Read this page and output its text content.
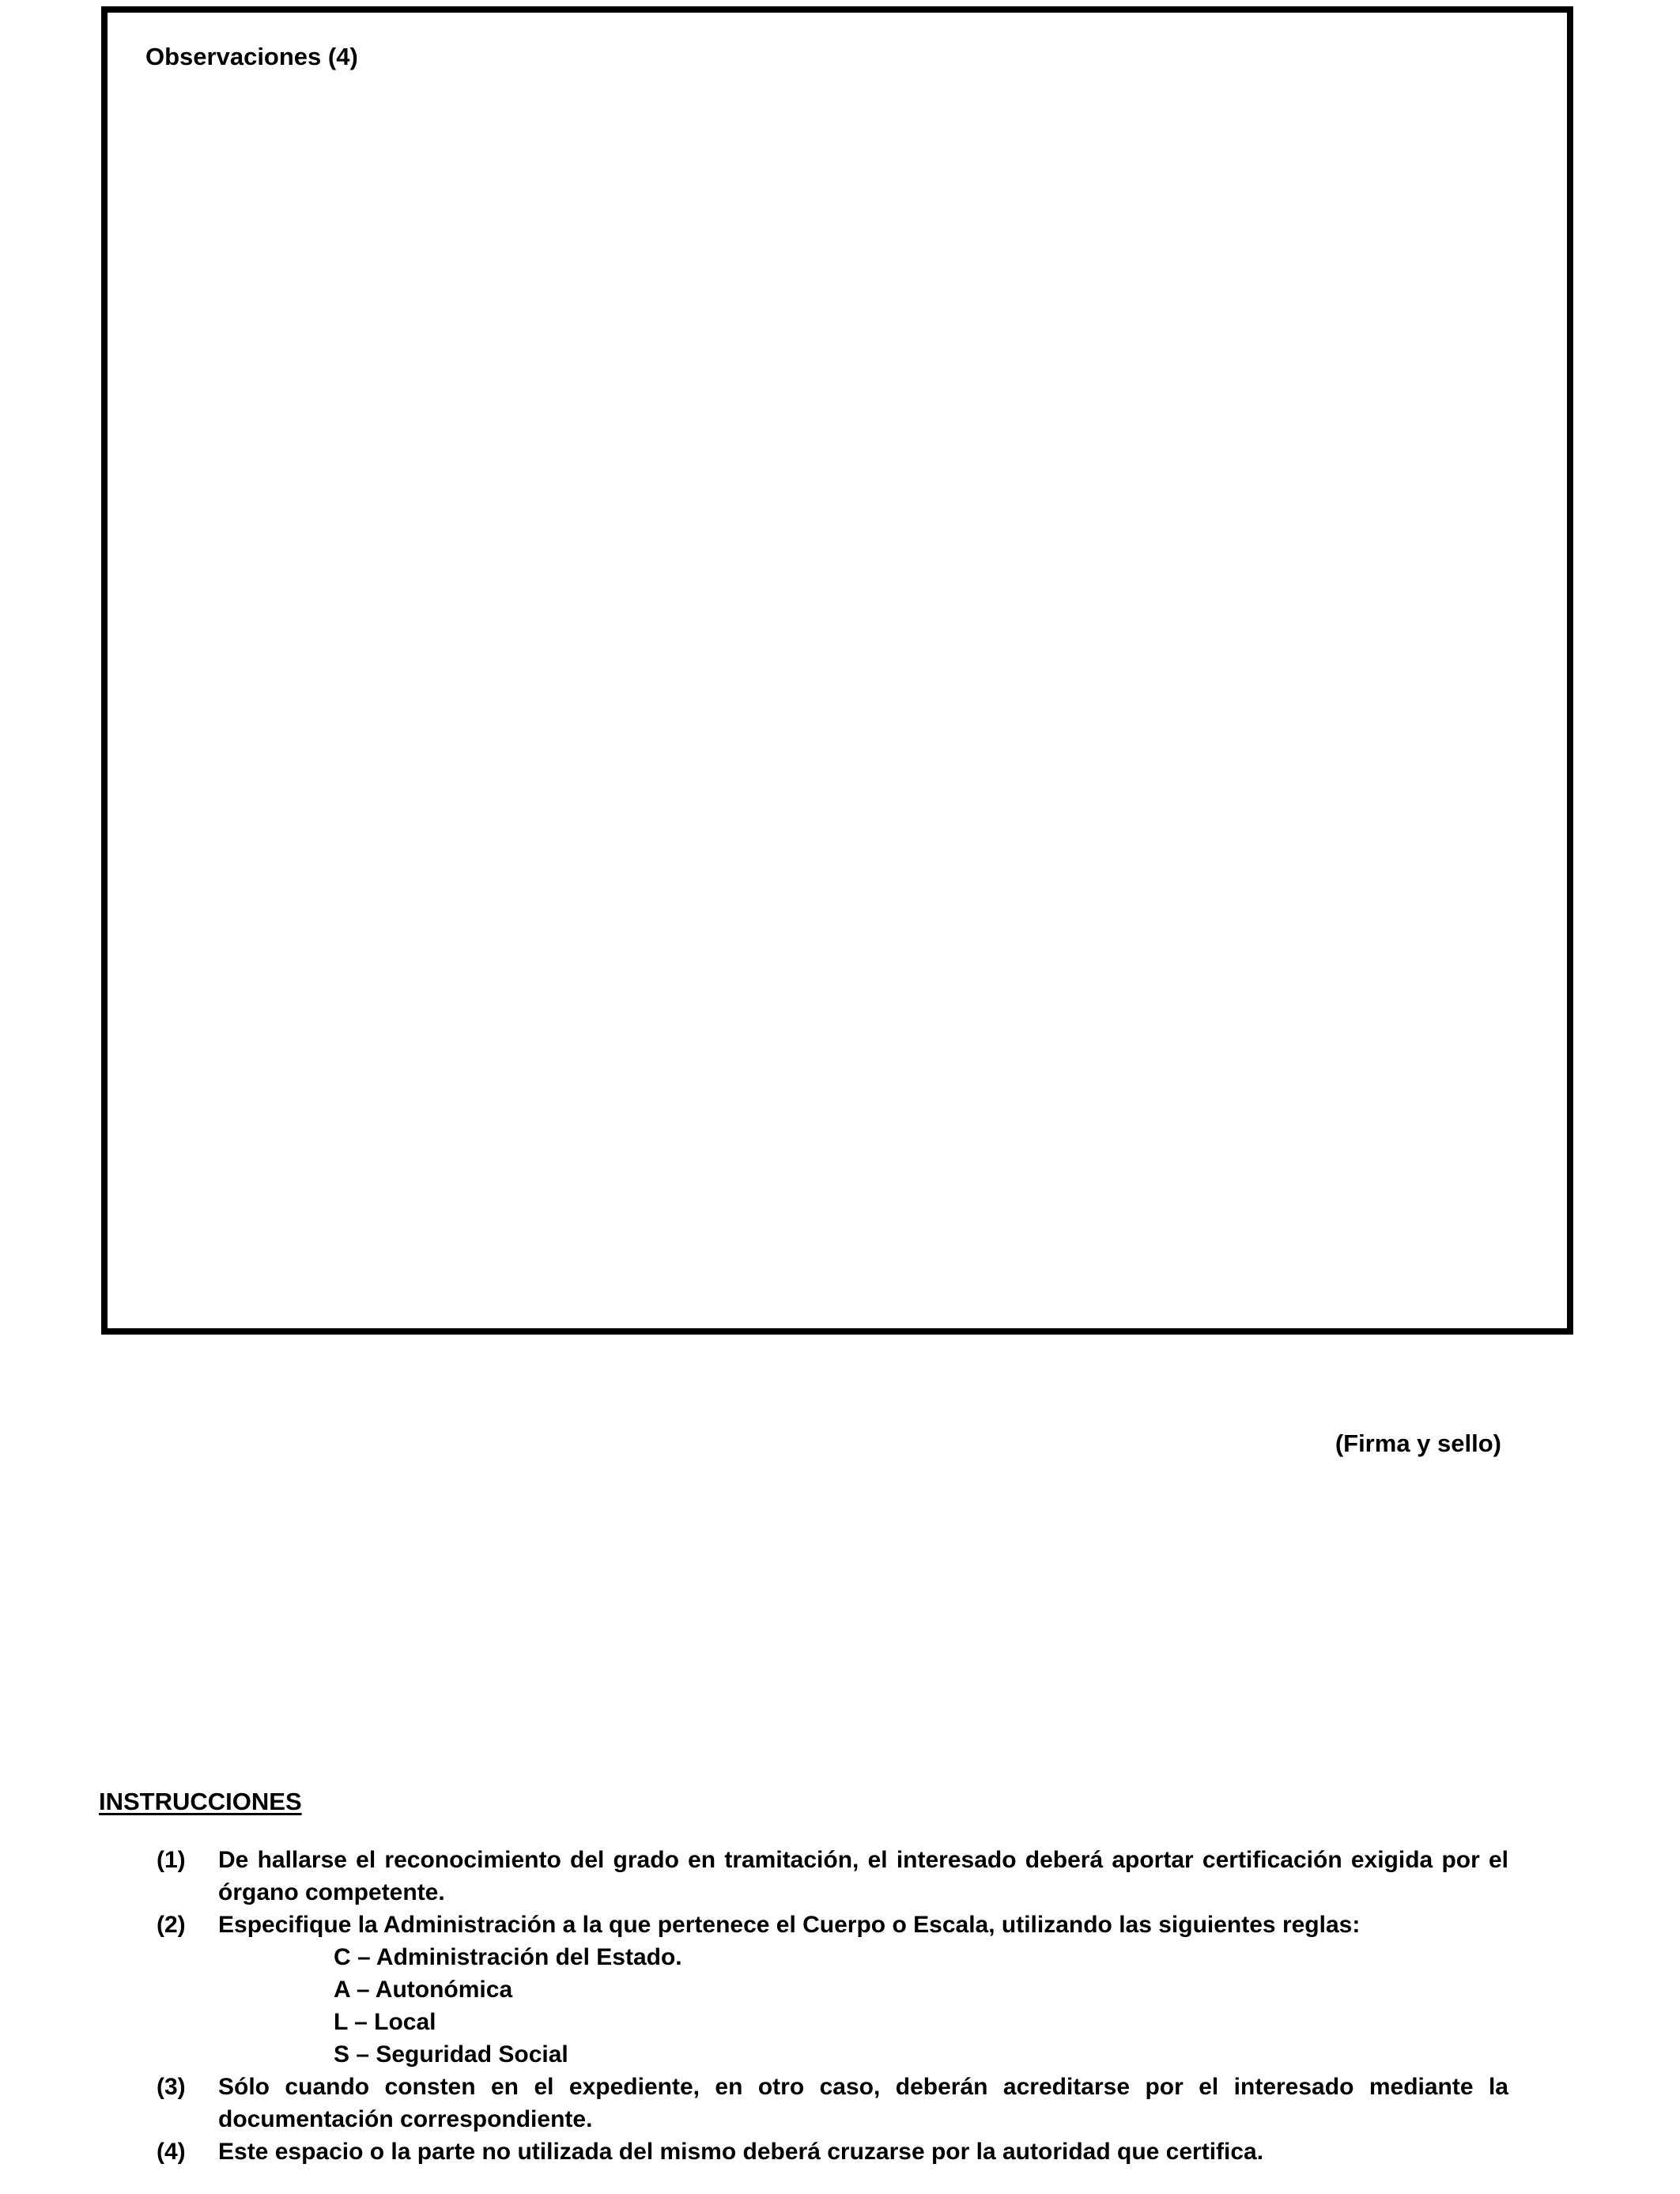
Observaciones (4)
(Firma y sello)
INSTRUCCIONES
(1)	De hallarse el reconocimiento del grado en tramitación, el interesado deberá aportar certificación exigida por el órgano competente.
(2)	Especifique la Administración a la que pertenece el Cuerpo o Escala, utilizando las siguientes reglas:
C – Administración del Estado.
A – Autonómica
L – Local
S – Seguridad Social
(3)	Sólo cuando consten en el expediente, en otro caso, deberán acreditarse por el interesado mediante la documentación correspondiente.
(4)	Este espacio o la parte no utilizada del mismo deberá cruzarse por la autoridad que certifica.
